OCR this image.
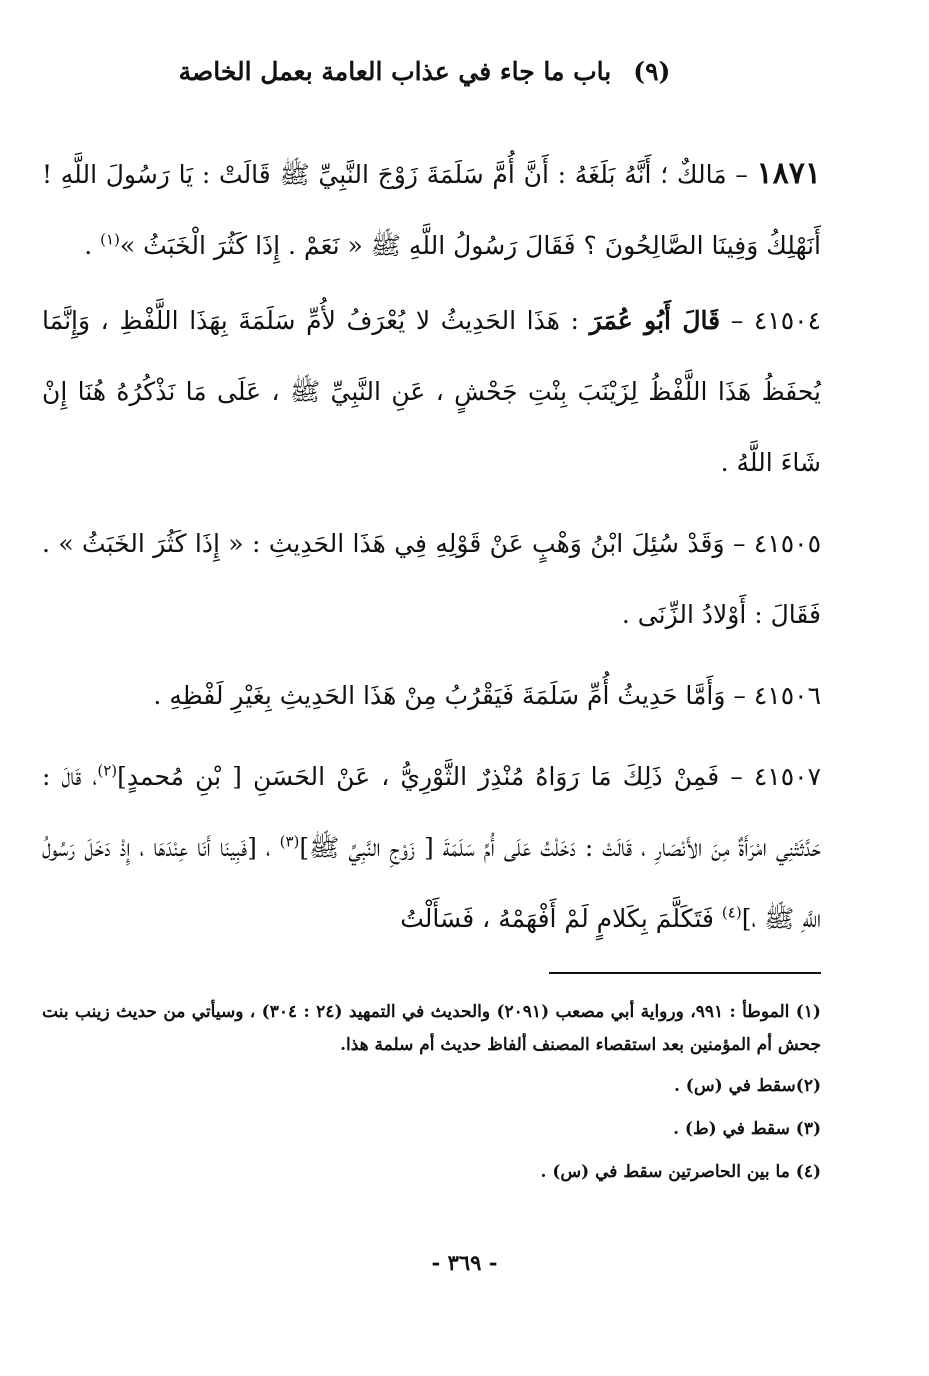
(٩)باب ما جاء في عذاب العامة بعمل الخاصة

١٨٧١ – مَالكٌ ؛ أَنَّهُ بَلَغَهُ : أَنَّ أُمَّ سَلَمَةَ زَوْجَ النَّبِيِّ ﷺ قَالَتْ : يَا رَسُولَ اللَّهِ ! أَنَهْلِكُ وَفِينَا الصَّالِحُونَ ؟ فَقَالَ رَسُولُ اللَّهِ ﷺ « نَعَمْ . إِذَا كَثُرَ الْخَبَثُ »$^{(١)}$ .

٤١٥٠٤ – قَالَ أَبُو عُمَرَ : هَذَا الحَدِيثُ لا يُعْرَفُ لأُمِّ سَلَمَةَ بِهَذَا اللَّفْظِ ، وَإِنَّمَا يُحفَظُ هَذَا اللَّفْظُ لِزَيْنَبَ بِنْتِ جَحْشٍ ، عَنِ النَّبِيِّ ﷺ ، عَلَى مَا نَذْكُرُهُ هُنَا إِنْ شَاءَ اللَّهُ .

٤١٥٠٥ – وَقَدْ سُئِلَ ابْنُ وَهْبٍ عَنْ قَوْلِهِ فِي هَذَا الحَدِيثِ : « إِذَا كَثُرَ الخَبَثُ » . فَقَالَ : أَوْلادُ الزِّنَى .

٤١٥٠٦ – وَأَمَّا حَدِيثُ أُمِّ سَلَمَةَ فَيَقْرُبُ مِنْ هَذَا الحَدِيثِ بِغَيْرِ لَفْظِهِ .

٤١٥٠٧ – فَمِنْ ذَلِكَ مَا رَوَاهُ مُنْذِرٌ الثَّوْرِيُّ ، عَنْ الحَسَنِ [ بْنِ مُحمدٍ]$^{(٢)}$، قَالَ : حَدَّثَتْنِي امْرَأَةٌ مِنَ الأَنْصَارِ ، قَالَتْ : دَخَلْتُ عَلَى أُمِّ سَلَمَةَ [ زَوْجِ النَّبِيِّ ﷺ]$^{(٣)}$ ، [فَبِينَا أَنَا عِنْدَهَا ، إِذْ دَخَلَ رَسُولُ اللَّهِ ﷺ ،]$^{(٤)}$ فَتَكَلَّمَ بِكَلامٍ لَمْ أَفْهَمْهُ ، فَسَأَلْتُ

(١) الموطأ : ٩٩١، ورواية أبي مصعب (٢٠٩١) والحديث في التمهيد (٢٤ : ٣٠٤) ، وسيأتي من حديث زينب بنت جحش أم المؤمنين بعد استقصاء المصنف ألفاظ حديث أم سلمة هذا.

(٢)سقط في (س) .

(٣) سقط في (ط) .

(٤) ما بين الحاصرتين سقط في (س) .

- ٣٦٩ -
